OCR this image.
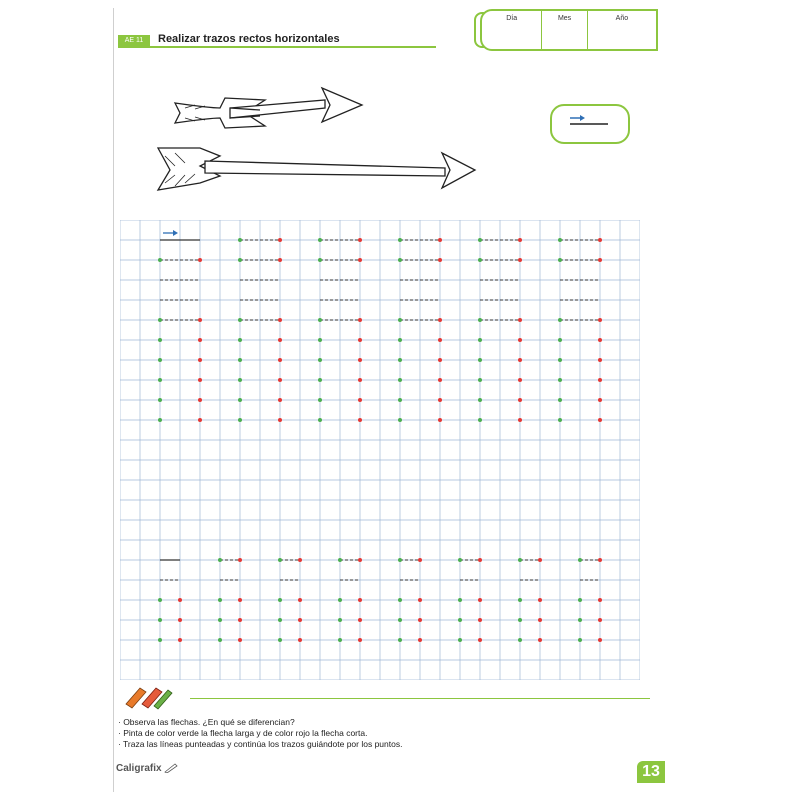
AE 11	Realizar trazos rectos horizontales
Día	Mes	Año
· Observa las flechas. ¿En qué se diferencian?
· Pinta de color verde la flecha larga y de color rojo la flecha corta.
· Traza las líneas punteadas y continúa los trazos guiándote por los puntos.
Caligrafix	13
